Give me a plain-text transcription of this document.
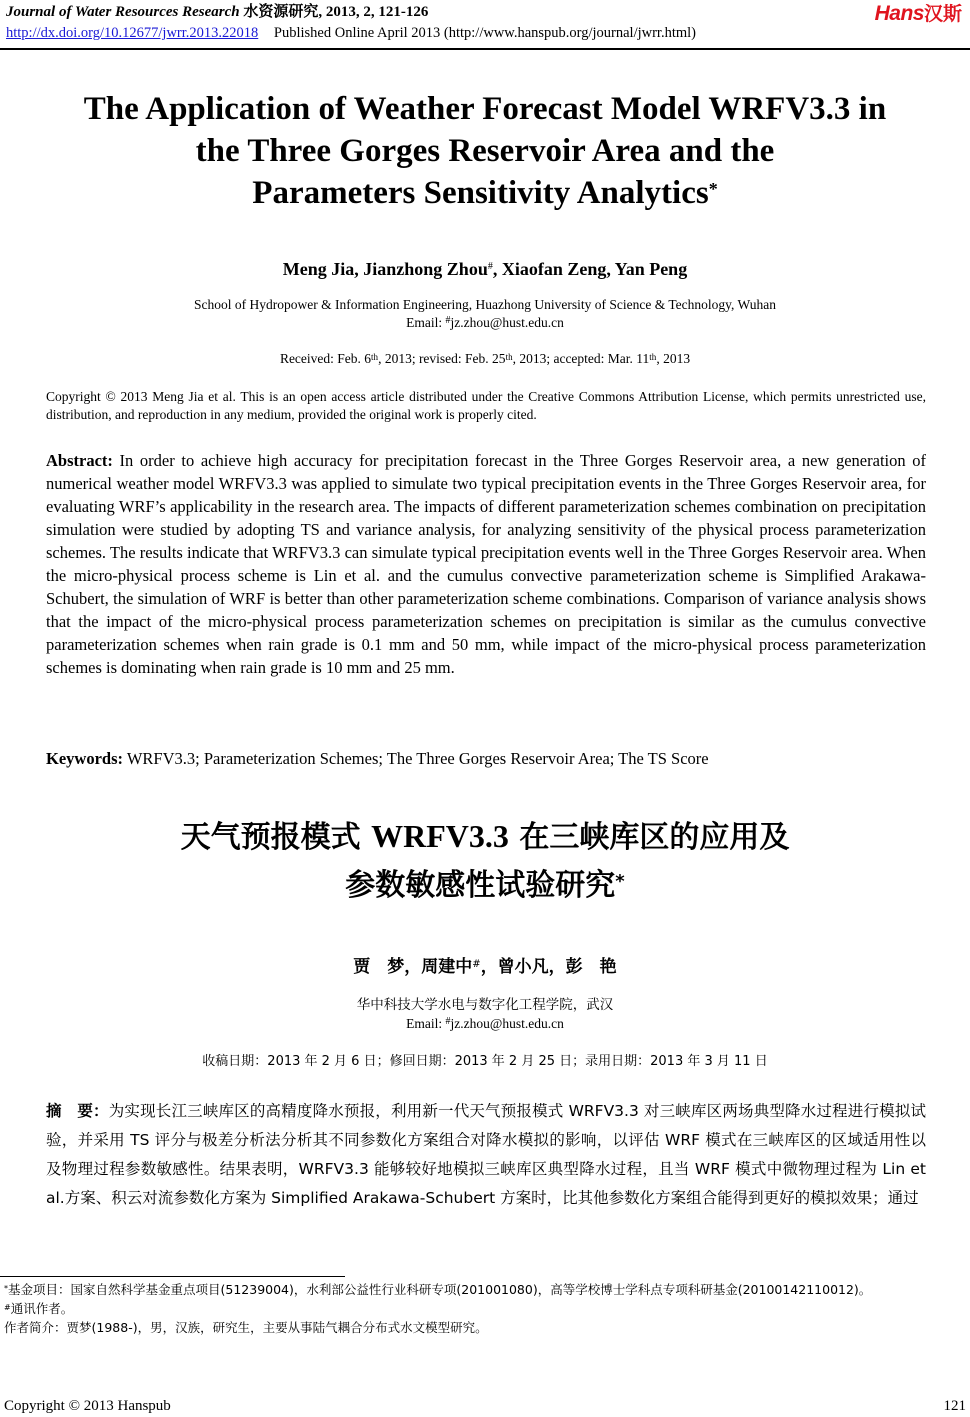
Journal of Water Resources Research 水资源研究, 2013, 2, 121-126
http://dx.doi.org/10.12677/jwrr.2013.22018 Published Online April 2013 (http://www.hanspub.org/journal/jwrr.html)
Hans汉斯
The Application of Weather Forecast Model WRFV3.3 in
the Three Gorges Reservoir Area and the
Parameters Sensitivity Analytics*
Meng Jia, Jianzhong Zhou#, Xiaofan Zeng, Yan Peng
School of Hydropower & Information Engineering, Huazhong University of Science & Technology, Wuhan
Email: #jz.zhou@hust.edu.cn
Received: Feb. 6th, 2013; revised: Feb. 25th, 2013; accepted: Mar. 11th, 2013
Copyright © 2013 Meng Jia et al. This is an open access article distributed under the Creative Commons Attribution License, which permits unrestricted use, distribution, and reproduction in any medium, provided the original work is properly cited.
Abstract: In order to achieve high accuracy for precipitation forecast in the Three Gorges Reservoir area, a new generation of numerical weather model WRFV3.3 was applied to simulate two typical precipitation events in the Three Gorges Reservoir area, for evaluating WRF’s applicability in the research area. The impacts of different parameterization schemes combination on precipitation simulation were studied by adopting TS and variance analysis, for analyzing sensitivity of the physical process parameterization schemes. The results indicate that WRFV3.3 can simulate typical precipitation events well in the Three Gorges Reservoir area. When the micro-physical process scheme is Lin et al. and the cumulus convective parameterization scheme is Simplified Arakawa-Schubert, the simulation of WRF is better than other parameterization scheme combinations. Comparison of variance analysis shows that the impact of the micro-physical process parameterization schemes on precipitation is similar as the cumulus convective parameterization schemes when rain grade is 0.1 mm and 50 mm, while impact of the micro-physical process parameterization schemes is dominating when rain grade is 10 mm and 25 mm.
Keywords: WRFV3.3; Parameterization Schemes; The Three Gorges Reservoir Area; The TS Score
天气预报模式 WRFV3.3 在三峡库区的应用及
参数敏感性试验研究*
贾　梦，周建中#，曾小凡，彭　艳
华中科技大学水电与数字化工程学院，武汉
Email: #jz.zhou@hust.edu.cn
收稿日期：2013 年 2 月 6 日；修回日期：2013 年 2 月 25 日；录用日期：2013 年 3 月 11 日
摘　要：为实现长江三峡库区的高精度降水预报，利用新一代天气预报模式 WRFV3.3 对三峡库区两场典型降水过程进行模拟试验，并采用 TS 评分与极差分析法分析其不同参数化方案组合对降水模拟的影响，以评估 WRF 模式在三峡库区的区域适用性以及物理过程参数敏感性。结果表明，WRFV3.3 能够较好地模拟三峡库区典型降水过程，且当 WRF 模式中微物理过程为 Lin et al.方案、积云对流参数化方案为 Simplified Arakawa-Schubert 方案时，比其他参数化方案组合能得到更好的模拟效果；通过
*基金项目：国家自然科学基金重点项目(51239004)，水利部公益性行业科研专项(201001080)，高等学校博士学科点专项科研基金(20100142110012)。
#通讯作者。
作者简介：贾梦(1988-)，男，汉族，研究生，主要从事陆气耦合分布式水文模型研究。
Copyright © 2013 Hanspub	121
